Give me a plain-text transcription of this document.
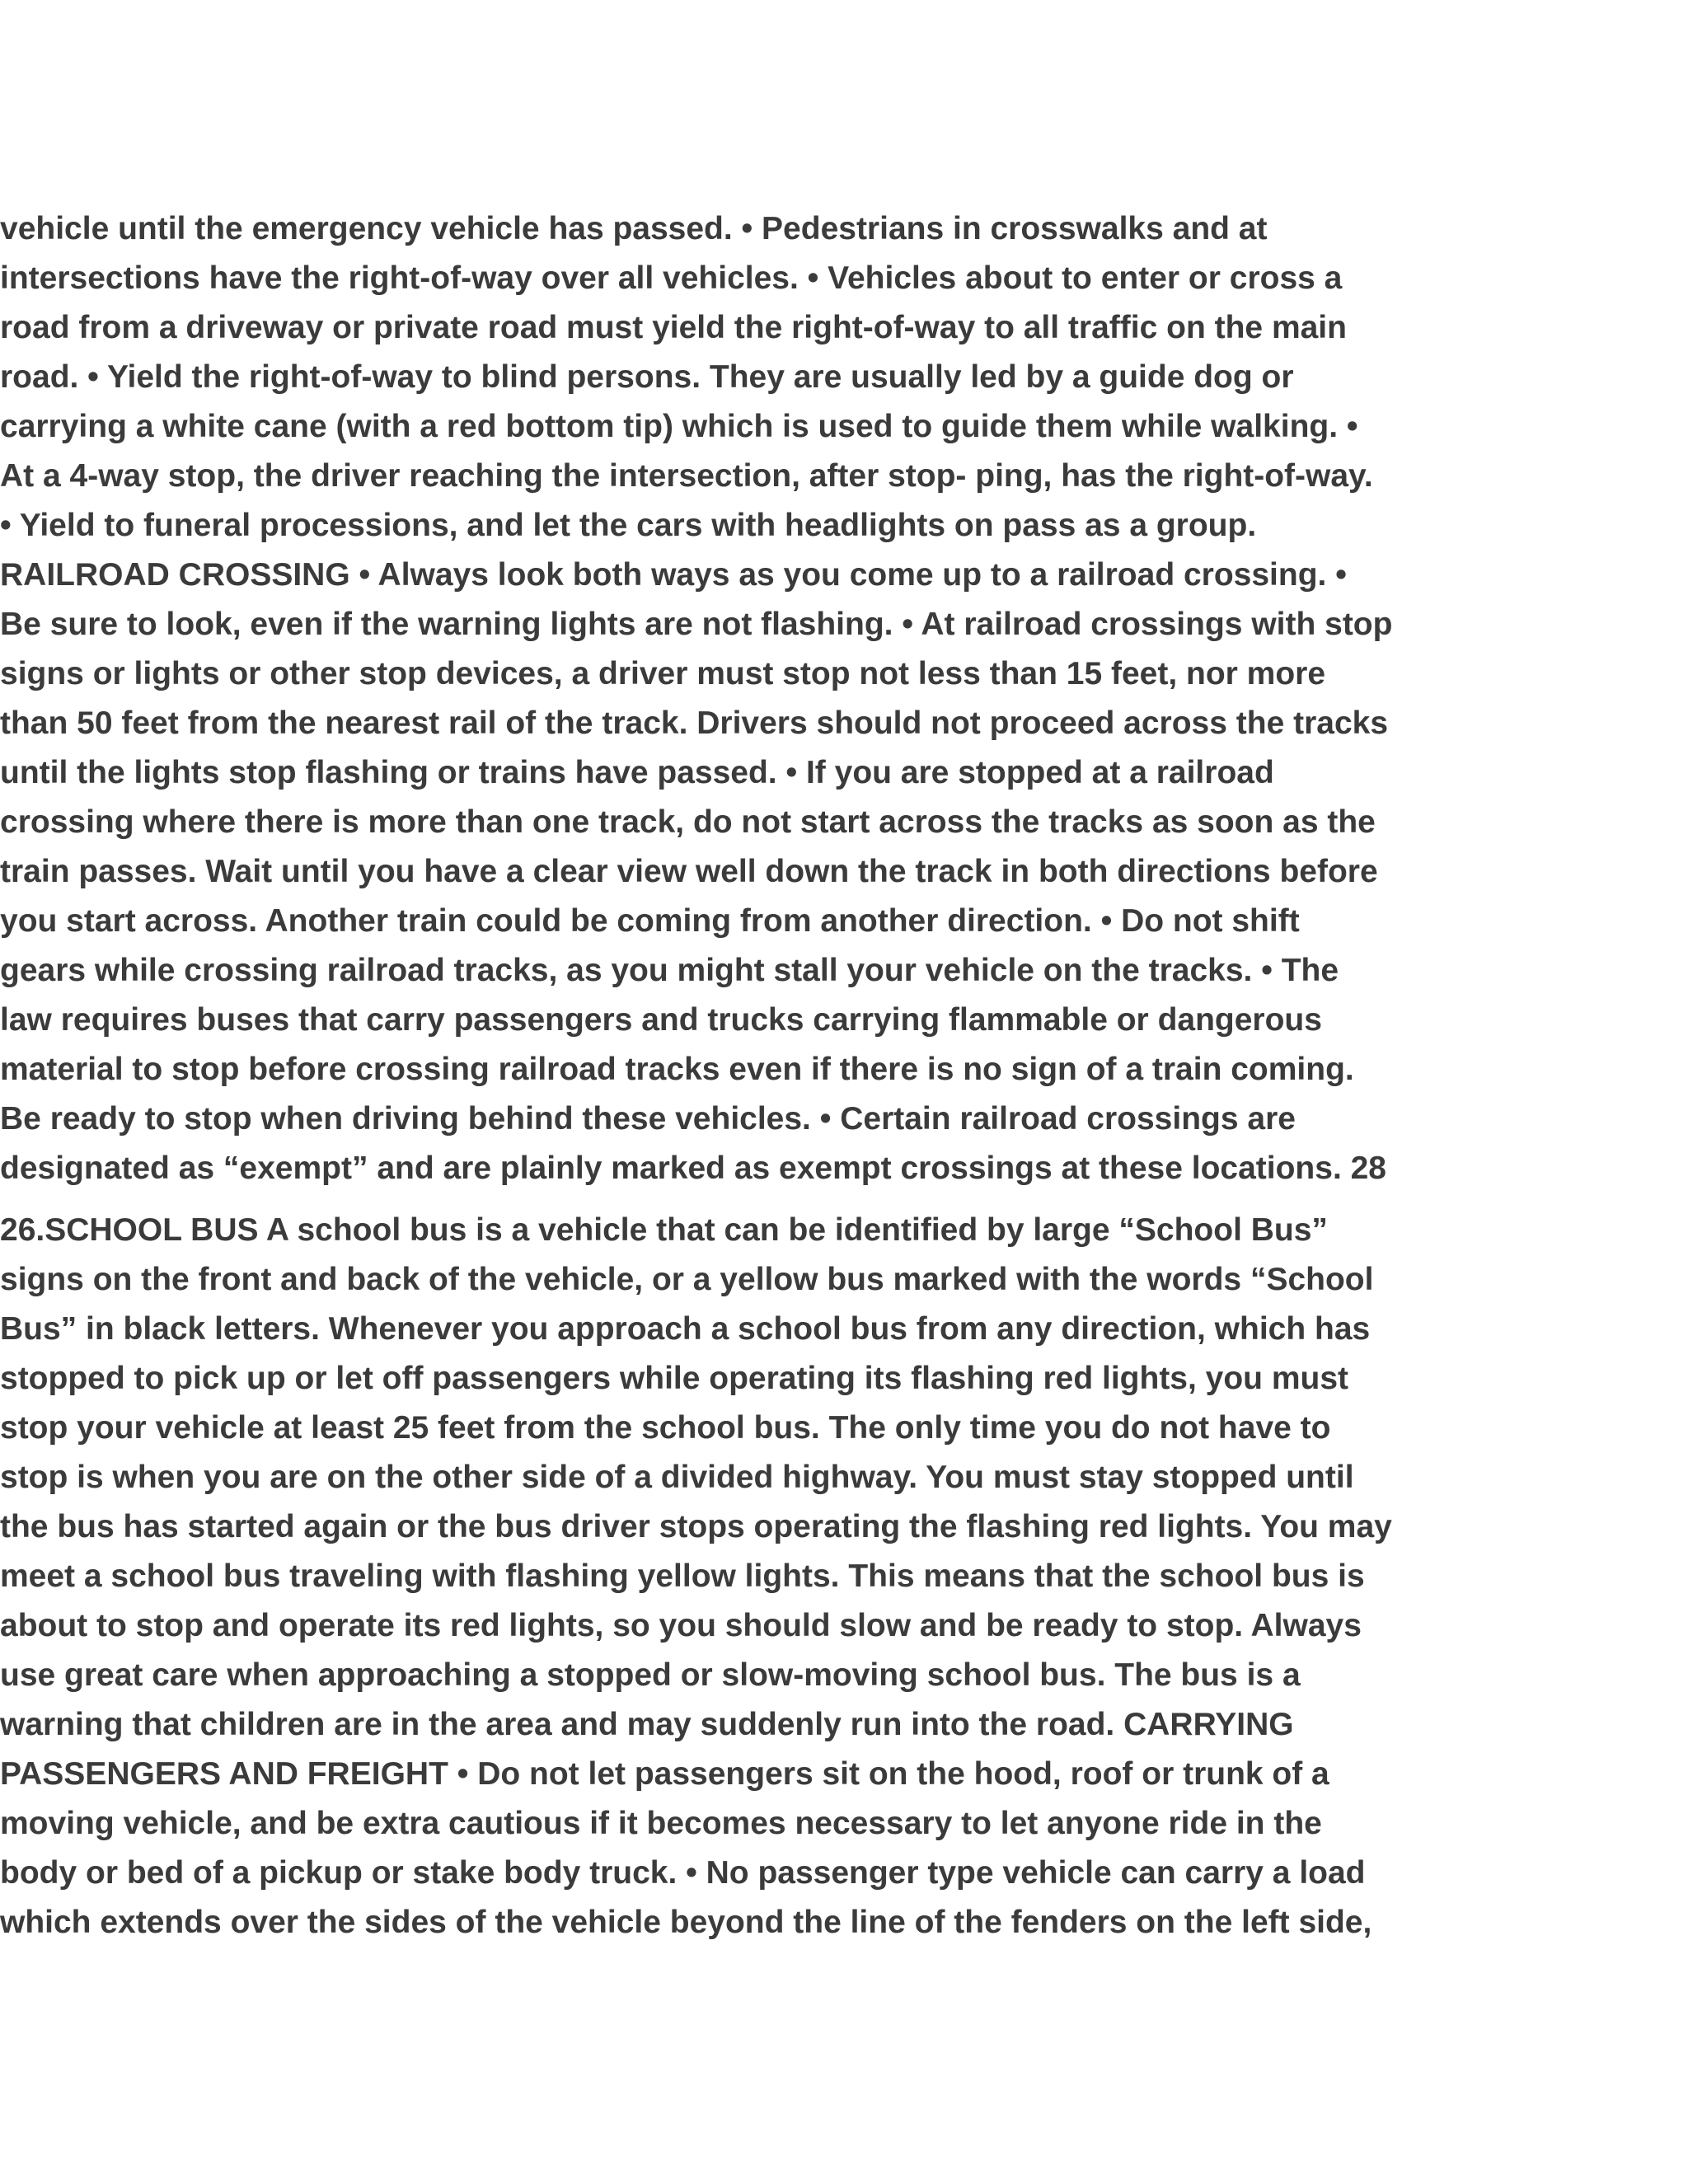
vehicle until the emergency vehicle has passed. • Pedestrians in crosswalks and at
intersections have the right-of-way over all vehicles. • Vehicles about to enter or cross a
road from a driveway or private road must yield the right-of-way to all traffic on the main
road. • Yield the right-of-way to blind persons. They are usually led by a guide dog or
carrying a white cane (with a red bottom tip) which is used to guide them while walking. •
At a 4-way stop, the driver reaching the intersection, after stop- ping, has the right-of-way.
• Yield to funeral processions, and let the cars with headlights on pass as a group.
RAILROAD CROSSING • Always look both ways as you come up to a railroad crossing. •
Be sure to look, even if the warning lights are not flashing. • At railroad crossings with stop
signs or lights or other stop devices, a driver must stop not less than 15 feet, nor more
than 50 feet from the nearest rail of the track. Drivers should not proceed across the tracks
until the lights stop flashing or trains have passed. • If you are stopped at a railroad
crossing where there is more than one track, do not start across the tracks as soon as the
train passes. Wait until you have a clear view well down the track in both directions before
you start across. Another train could be coming from another direction. • Do not shift
gears while crossing railroad tracks, as you might stall your vehicle on the tracks. • The
law requires buses that carry passengers and trucks carrying flammable or dangerous
material to stop before crossing railroad tracks even if there is no sign of a train coming.
Be ready to stop when driving behind these vehicles. • Certain railroad crossings are
designated as “exempt” and are plainly marked as exempt crossings at these locations. 28

26.SCHOOL BUS A school bus is a vehicle that can be identified by large “School Bus”
signs on the front and back of the vehicle, or a yellow bus marked with the words “School
Bus” in black letters. Whenever you approach a school bus from any direction, which has
stopped to pick up or let off passengers while operating its flashing red lights, you must
stop your vehicle at least 25 feet from the school bus. The only time you do not have to
stop is when you are on the other side of a divided highway. You must stay stopped until
the bus has started again or the bus driver stops operating the flashing red lights. You may
meet a school bus traveling with flashing yellow lights. This means that the school bus is
about to stop and operate its red lights, so you should slow and be ready to stop. Always
use great care when approaching a stopped or slow-moving school bus. The bus is a
warning that children are in the area and may suddenly run into the road. CARRYING
PASSENGERS AND FREIGHT • Do not let passengers sit on the hood, roof or trunk of a
moving vehicle, and be extra cautious if it becomes necessary to let anyone ride in the
body or bed of a pickup or stake body truck. • No passenger type vehicle can carry a load
which extends over the sides of the vehicle beyond the line of the fenders on the left side,
